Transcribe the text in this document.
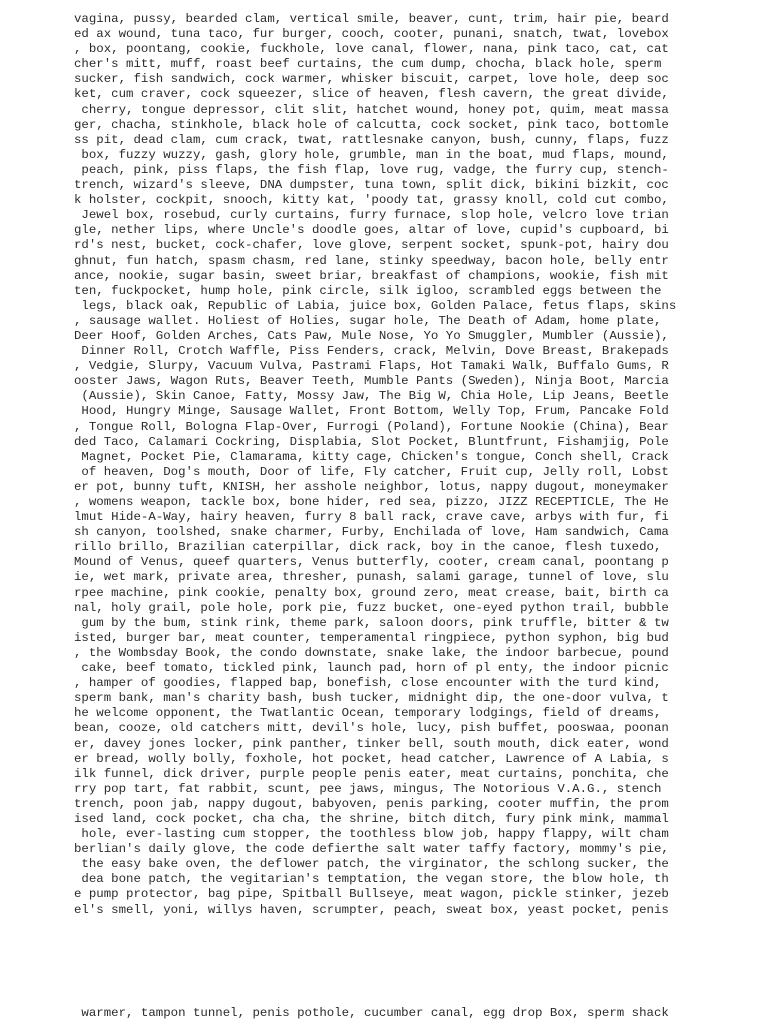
vagina, pussy, bearded clam, vertical smile, beaver, cunt, trim, hair pie, beard
ed ax wound, tuna taco, fur burger, cooch, cooter, punani, snatch, twat, lovebox
, box, poontang, cookie, fuckhole, love canal, flower, nana, pink taco, cat, cat
cher's mitt, muff, roast beef curtains, the cum dump, chocha, black hole, sperm
sucker, fish sandwich, cock warmer, whisker biscuit, carpet, love hole, deep soc
ket, cum craver, cock squeezer, slice of heaven, flesh cavern, the great divide,
cherry, tongue depressor, clit slit, hatchet wound, honey pot, quim, meat massa
ger, chacha, stinkhole, black hole of calcutta, cock socket, pink taco, bottomle
ss pit, dead clam, cum crack, twat, rattlesnake canyon, bush, cunny, flaps, fuzz
box, fuzzy wuzzy, gash, glory hole, grumble, man in the boat, mud flaps, mound,
peach, pink, piss flaps, the fish flap, love rug, vadge, the furry cup, stench-
trench, wizard's sleeve, DNA dumpster, tuna town, split dick, bikini bizkit, coc
k holster, cockpit, snooch, kitty kat, 'poody tat, grassy knoll, cold cut combo,
Jewel box, rosebud, curly curtains, furry furnace, slop hole, velcro love trian
gle, nether lips, where Uncle's doodle goes, altar of love, cupid's cupboard, bi
rd's nest, bucket, cock-chafer, love glove, serpent socket, spunk-pot, hairy dou
ghnut, fun hatch, spasm chasm, red lane, stinky speedway, bacon hole, belly entr
ance, nookie, sugar basin, sweet briar, breakfast of champions, wookie, fish mit
ten, fuckpocket, hump hole, pink circle, silk igloo, scrambled eggs between the
legs, black oak, Republic of Labia, juice box, Golden Palace, fetus flaps, skins
, sausage wallet. Holiest of Holies, sugar hole, The Death of Adam, home plate,
Deer Hoof, Golden Arches, Cats Paw, Mule Nose, Yo Yo Smuggler, Mumbler (Aussie),
Dinner Roll, Crotch Waffle, Piss Fenders, crack, Melvin, Dove Breast, Brakepads
, Vedgie, Slurpy, Vacuum Vulva, Pastrami Flaps, Hot Tamaki Walk, Buffalo Gums, R
ooster Jaws, Wagon Ruts, Beaver Teeth, Mumble Pants (Sweden), Ninja Boot, Marcia
(Aussie), Skin Canoe, Fatty, Mossy Jaw, The Big W, Chia Hole, Lip Jeans, Beetle
Hood, Hungry Minge, Sausage Wallet, Front Bottom, Welly Top, Frum, Pancake Fold
, Tongue Roll, Bologna Flap-Over, Furrogi (Poland), Fortune Nookie (China), Bear
ded Taco, Calamari Cockring, Displabia, Slot Pocket, Bluntfrunt, Fishamjig, Pole
Magnet, Pocket Pie, Clamarama, kitty cage, Chicken's tongue, Conch shell, Crack
of heaven, Dog's mouth, Door of life, Fly catcher, Fruit cup, Jelly roll, Lobst
er pot, bunny tuft, KNISH, her asshole neighbor, lotus, nappy dugout, moneymaker
, womens weapon, tackle box, bone hider, red sea, pizzo, JIZZ RECEPTICLE, The He
lmut Hide-A-Way, hairy heaven, furry 8 ball rack, crave cave, arbys with fur, fi
sh canyon, toolshed, snake charmer, Furby, Enchilada of love, Ham sandwich, Cama
rillo brillo, Brazilian caterpillar, dick rack, boy in the canoe, flesh tuxedo,
Mound of Venus, queef quarters, Venus butterfly, cooter, cream canal, poontang p
ie, wet mark, private area, thresher, punash, salami garage, tunnel of love, slu
rpee machine, pink cookie, penalty box, ground zero, meat crease, bait, birth ca
nal, holy grail, pole hole, pork pie, fuzz bucket, one-eyed python trail, bubble
gum by the bum, stink rink, theme park, saloon doors, pink truffle, bitter & tw
isted, burger bar, meat counter, temperamental ringpiece, python syphon, big bud
, the Wombsday Book, the condo downstate, snake lake, the indoor barbecue, pound
cake, beef tomato, tickled pink, launch pad, horn of pl enty, the indoor picnic
, hamper of goodies, flapped bap, bonefish, close encounter with the turd kind,
sperm bank, man's charity bash, bush tucker, midnight dip, the one-door vulva, t
he welcome opponent, the Twatlantic Ocean, temporary lodgings, field of dreams,
bean, cooze, old catchers mitt, devil's hole, lucy, pish buffet, pooswaa, poonan
er, davey jones locker, pink panther, tinker bell, south mouth, dick eater, wond
er bread, wolly bolly, foxhole, hot pocket, head catcher, Lawrence of A Labia, s
ilk funnel, dick driver, purple people penis eater, meat curtains, ponchita, che
rry pop tart, fat rabbit, scunt, pee jaws, mingus, The Notorious V.A.G., stench
trench, poon jab, nappy dugout, babyoven, penis parking, cooter muffin, the prom
ised land, cock pocket, cha cha, the shrine, bitch ditch, fury pink mink, mammal
hole, ever-lasting cum stopper, the toothless blow job, happy flappy, wilt cham
berlian's daily glove, the code defierthe salt water taffy factory, mommy's pie,
the easy bake oven, the deflower patch, the virginator, the schlong sucker, the
dea bone patch, the vegitarian's temptation, the vegan store, the blow hole, th
e pump protector, bag pipe, Spitball Bullseye, meat wagon, pickle stinker, jezeb
el's smell, yoni, willys haven, scrumpter, peach, sweat box, yeast pocket, penis
warmer, tampon tunnel, penis pothole, cucumber canal, egg drop Box, sperm shack
